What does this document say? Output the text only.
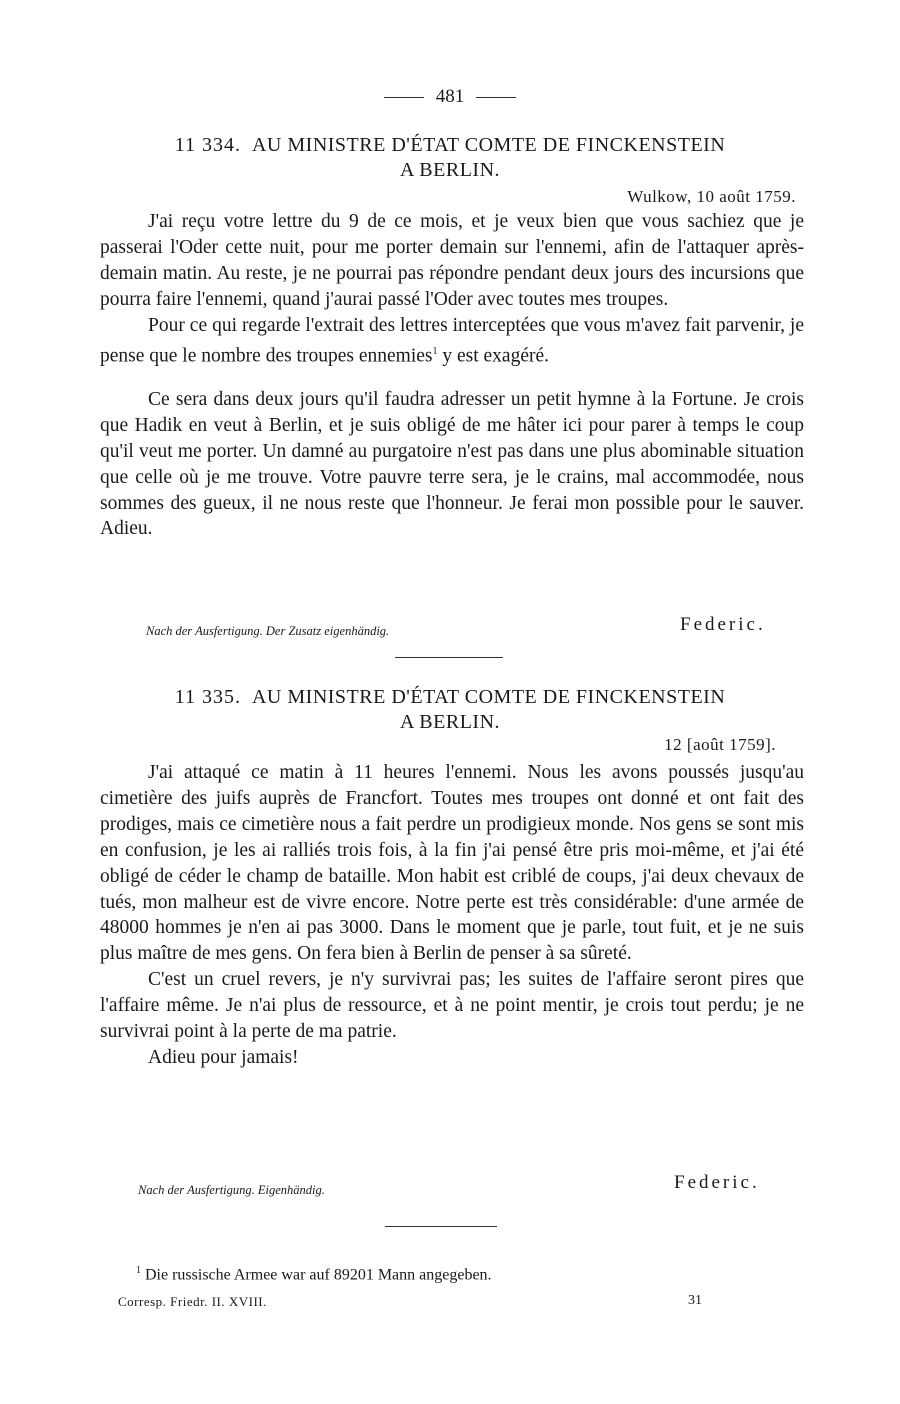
481
11 334. AU MINISTRE D'ÉTAT COMTE DE FINCKENSTEIN
A BERLIN.
Wulkow, 10 août 1759.

J'ai reçu votre lettre du 9 de ce mois, et je veux bien que vous sachiez que je passerai l'Oder cette nuit, pour me porter demain sur l'ennemi, afin de l'attaquer après-demain matin. Au reste, je ne pourrai pas répondre pendant deux jours des incursions que pourra faire l'ennemi, quand j'aurai passé l'Oder avec toutes mes troupes.

Pour ce qui regarde l'extrait des lettres interceptées que vous m'avez fait parvenir, je pense que le nombre des troupes ennemies$^1$ y est exagéré.

Ce sera dans deux jours qu'il faudra adresser un petit hymne à la Fortune. Je crois que Hadik en veut à Berlin, et je suis obligé de me hâter ici pour parer à temps le coup qu'il veut me porter. Un damné au purgatoire n'est pas dans une plus abominable situation que celle où je me trouve. Votre pauvre terre sera, je le crains, mal accommodée, nous sommes des gueux, il ne nous reste que l'honneur. Je ferai mon possible pour le sauver. Adieu.

Nach der Ausfertigung. Der Zusatz eigenhändig.	Federic.
11 335. AU MINISTRE D'ÉTAT COMTE DE FINCKENSTEIN
A BERLIN.
12 [août 1759].

J'ai attaqué ce matin à 11 heures l'ennemi. Nous les avons poussés jusqu'au cimetière des juifs auprès de Francfort. Toutes mes troupes ont donné et ont fait des prodiges, mais ce cimetière nous a fait perdre un prodigieux monde. Nos gens se sont mis en confusion, je les ai ralliés trois fois, à la fin j'ai pensé être pris moi-même, et j'ai été obligé de céder le champ de bataille. Mon habit est criblé de coups, j'ai deux chevaux de tués, mon malheur est de vivre encore. Notre perte est très considérable: d'une armée de 48000 hommes je n'en ai pas 3000. Dans le moment que je parle, tout fuit, et je ne suis plus maître de mes gens. On fera bien à Berlin de penser à sa sûreté.

C'est un cruel revers, je n'y survivrai pas; les suites de l'affaire seront pires que l'affaire même. Je n'ai plus de ressource, et à ne point mentir, je crois tout perdu; je ne survivrai point à la perte de ma patrie.

Adieu pour jamais!

Nach der Ausfertigung. Eigenhändig.	Federic.
$^1$ Die russische Armee war auf 89201 Mann angegeben.
Corresp. Friedr. II. XVIII.	31
